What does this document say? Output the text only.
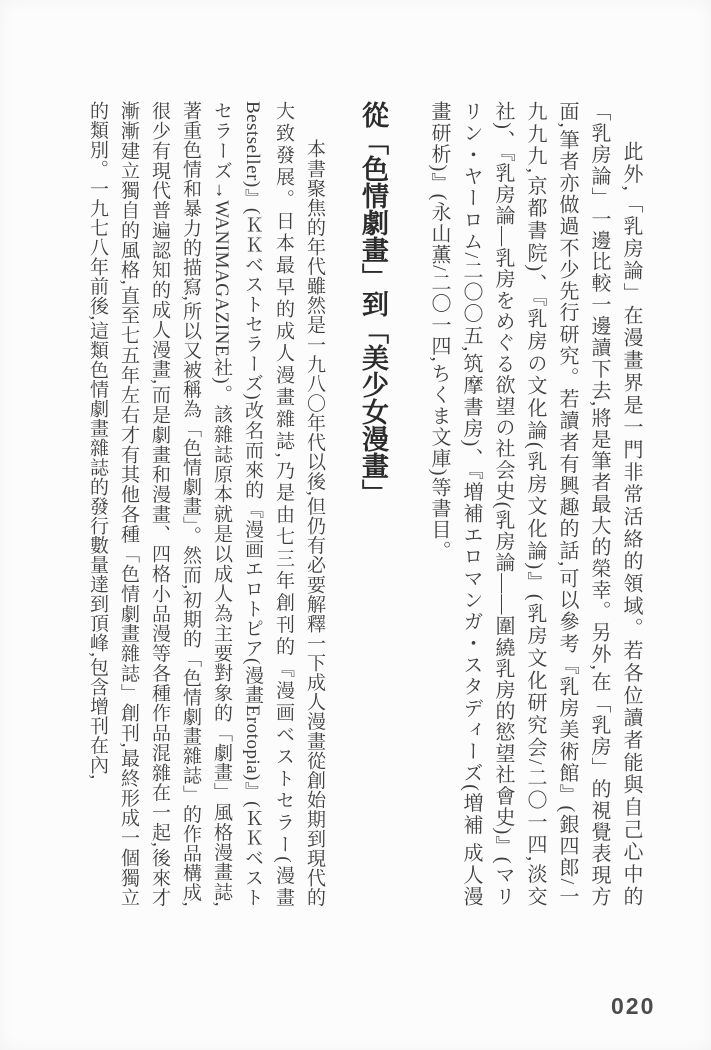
此外,「乳房論」在漫畫界是一門非常活絡的領域。若各位讀者能與自己心中的「乳房論」一邊比較一邊讀下去,將是筆者最大的榮幸。另外,在「乳房」的視覺表現方面,筆者亦做過不少先行研究。若讀者有興趣的話,可以參考『乳房美術館』(銀四郎/一九九九,京都書院)、『乳房の文化論(乳房文化論)』(乳房文化研究会/二〇一四,淡交社)、『乳房論—乳房をめぐる欲望の社会史(乳房論——圍繞乳房的慾望社會史)』(マリリン・ヤーロム/二〇〇五,筑摩書房)、『増補エロマンガ・スタディーズ(増補 成人漫畫研析)』(永山薫/二〇一四,ちくま文庫)等書目。
從「色情劇畫」到「美少女漫畫」
本書聚焦的年代雖然是一九八〇年代以後,但仍有必要解釋一下成人漫畫從創始期到現代的大致發展。日本最早的成人漫畫雜誌,乃是由七三年創刊的『漫画ベストセラー(漫畫Bestseller)』(ＫＫベストセラーズ)改名而來的『漫画エロトピア(漫畫Erotopia)』(ＫＫベストセラーズ→WANIMAGAZINE社)。該雜誌原本就是以成人為主要對象的「劇畫」風格漫畫誌,著重色情和暴力的描寫,所以又被稱為「色情劇畫」。然而,初期的「色情劇畫雜誌」的作品構成,很少有現代普遍認知的成人漫畫,而是劇畫和漫畫、四格小品漫等各種作品混雜在一起,後來才漸漸建立獨自的風格,直至七五年左右才有其他各種「色情劇畫雜誌」創刊,最終形成一個獨立的類別。一九七八年前後,這類色情劇畫雜誌的發行數量達到頂峰,包含增刊在內,
020
